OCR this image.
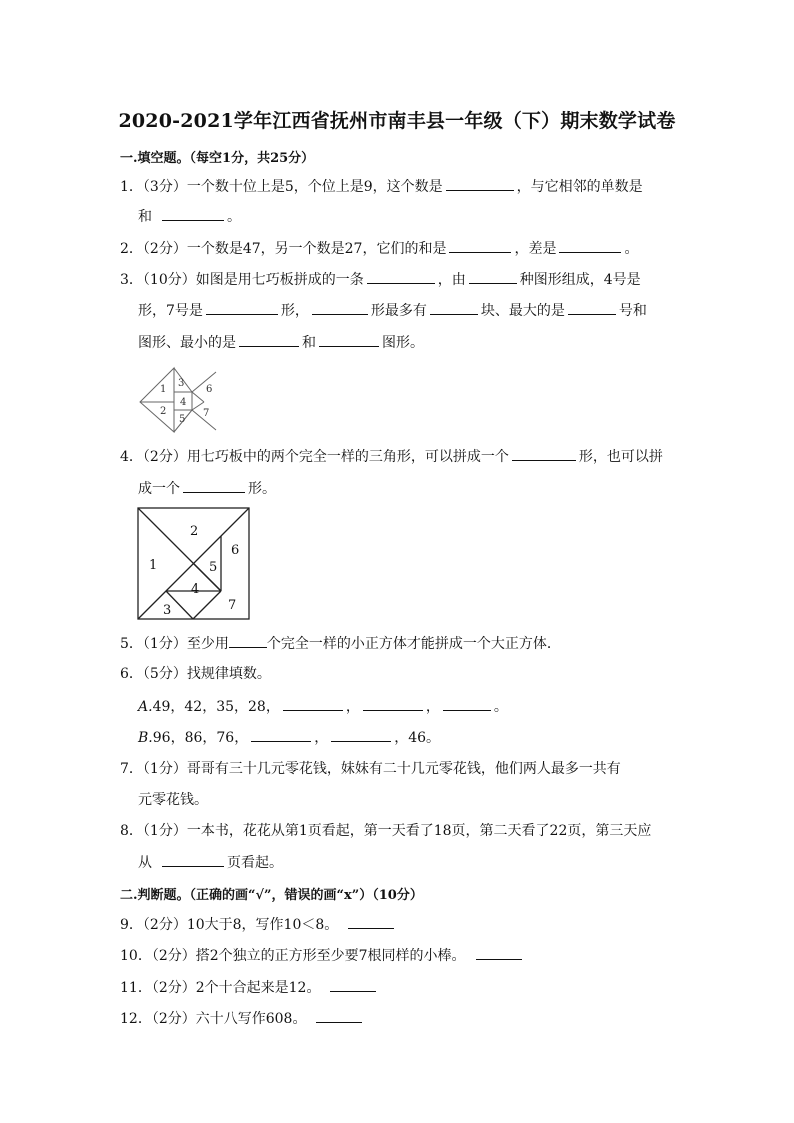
2020-2021学年江西省抚州市南丰县一年级（下）期末数学试卷
一.填空题。（每空1分，共25分）
1．（3分）一个数十位上是5，个位上是9，这个数是	，与它相邻的单数是
和	。
2．（2分）一个数是47，另一个数是27，它们的和是	，差是	。
3．（10分）如图是用七巧板拼成的一条	，由	种图形组成，4号是
形，7号是	形，	形最多有	块、最大的是	号和
图形、最小的是	和	图形。
1
2
3
4
5
6
7
4．（2分）用七巧板中的两个完全一样的三角形，可以拼成一个	形，也可以拼
成一个	形。
1
2
3
4
5
6
7
5．（1分）至少用	个完全一样的小正方体才能拼成一个大正方体．
6．（5分）找规律填数。
A.49，42，35，28，	，	，	。
B.96，86，76，	，	，46。
7．（1分）哥哥有三十几元零花钱，妹妹有二十几元零花钱，他们两人最多一共有
元零花钱。
8．（1分）一本书，花花从第1页看起，第一天看了18页，第二天看了22页，第三天应
从	页看起。
二.判断题。（正确的画“√”，错误的画“x”）（10分）
9．（2分）10大于8，写作10＜8。
10．（2分）搭2个独立的正方形至少要7根同样的小棒。
11．（2分）2个十合起来是12。
12．（2分）六十八写作608。
